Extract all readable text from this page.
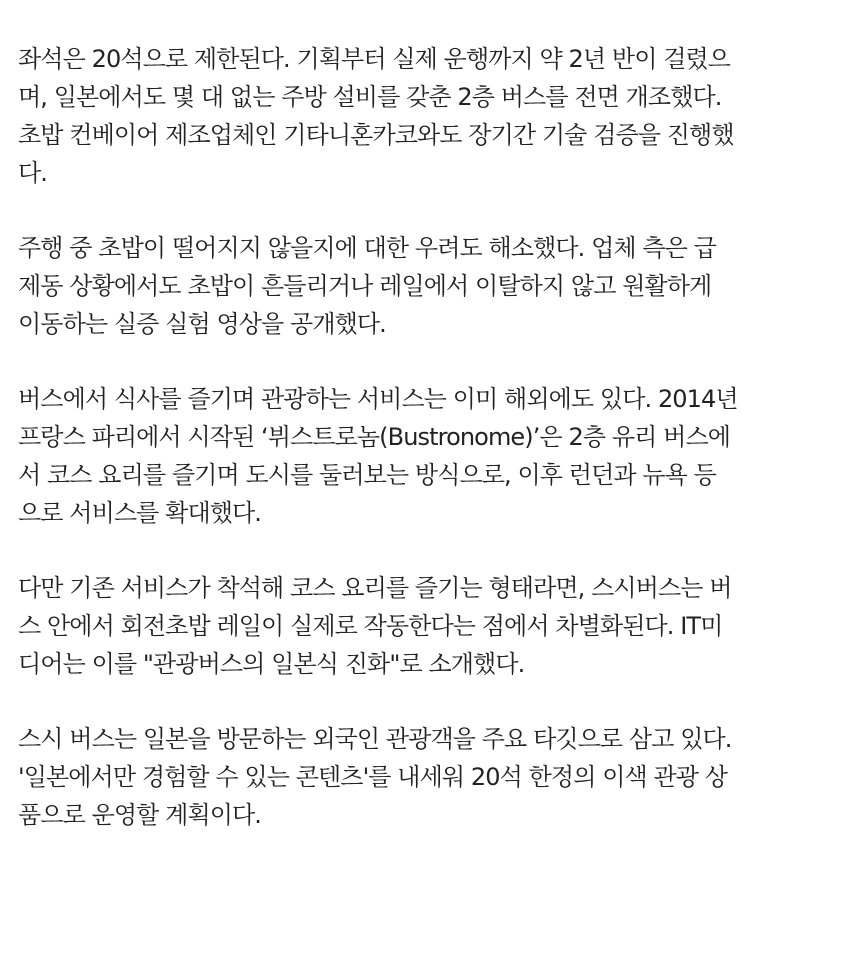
좌석은 20석으로 제한된다. 기획부터 실제 운행까지 약 2년 반이 걸렸으
며, 일본에서도 몇 대 없는 주방 설비를 갖춘 2층 버스를 전면 개조했다.
초밥 컨베이어 제조업체인 기타니혼카코와도 장기간 기술 검증을 진행했
다.

주행 중 초밥이 떨어지지 않을지에 대한 우려도 해소했다. 업체 측은 급
제동 상황에서도 초밥이 흔들리거나 레일에서 이탈하지 않고 원활하게
이동하는 실증 실험 영상을 공개했다.

버스에서 식사를 즐기며 관광하는 서비스는 이미 해외에도 있다. 2014년
프랑스 파리에서 시작된 ‘뷔스트로놈(Bustronome)’은 2층 유리 버스에
서 코스 요리를 즐기며 도시를 둘러보는 방식으로, 이후 런던과 뉴욕 등
으로 서비스를 확대했다.

다만 기존 서비스가 착석해 코스 요리를 즐기는 형태라면, 스시버스는 버
스 안에서 회전초밥 레일이 실제로 작동한다는 점에서 차별화된다. IT미
디어는 이를 "관광버스의 일본식 진화"로 소개했다.

스시 버스는 일본을 방문하는 외국인 관광객을 주요 타깃으로 삼고 있다.
'일본에서만 경험할 수 있는 콘텐츠'를 내세워 20석 한정의 이색 관광 상
품으로 운영할 계획이다.
